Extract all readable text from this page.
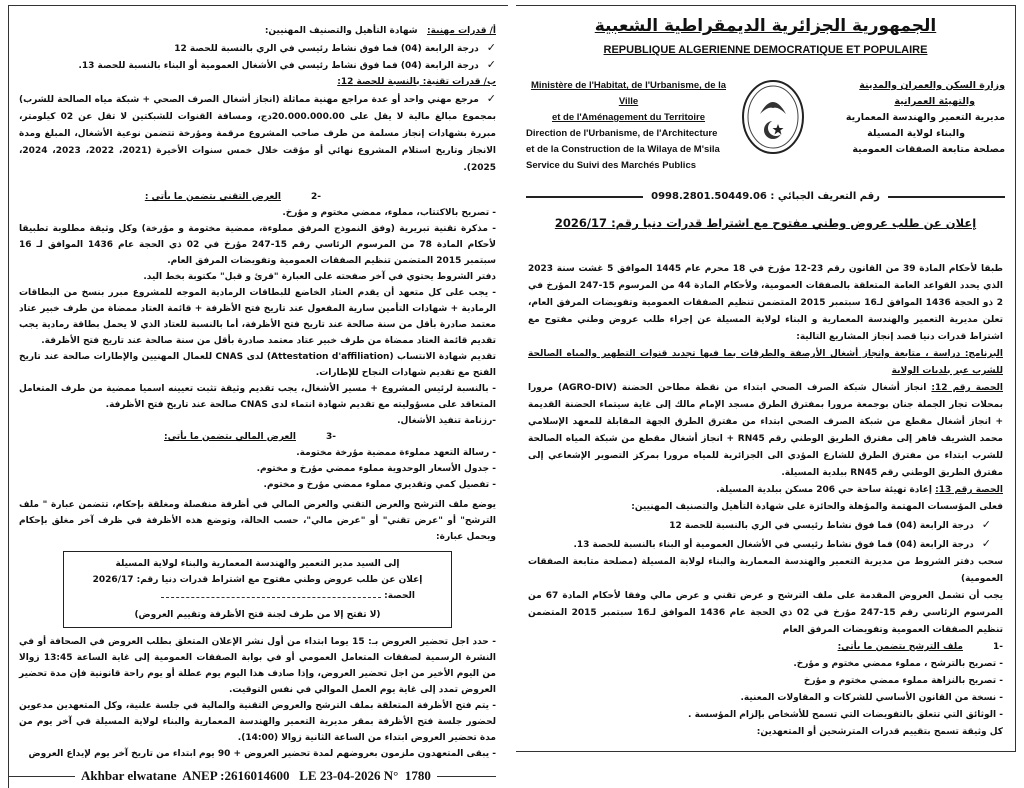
الجمهورية الجزائرية الديمقراطية الشعبية
REPUBLIQUE ALGERIENNE DEMOCRATIQUE ET POPULAIRE
Ministère de l'Habitat, de l'Urbanisme, de la Ville
et de l'Aménagement du Territoire
Direction de l'Urbanisme, de l'Architecture
et de la Construction de la Wilaya de M'sila
Service du Suivi des Marchés Publics
وزارة السكن والعمران والمدينة
والتهيئة العمرانية
مديرية التعمير والهندسة المعمارية
والبناء لولاية المسيلة
مصلحة متابعة الصفقات العمومية
رقم التعريف الجبائي : 0998.2801.50449.06
إعلان عن طلب عروض وطني مفتوح مع اشتراط قدرات دنيا رقم: 2026/17

طبقا لأحكام المادة 39 من القانون رقم 23-12 مؤرخ في 18 محرم عام 1445 الموافق 5 غشت سنة 2023 الذي يحدد القواعد العامة المتعلقة بالصفقات العمومية، ولأحكام المادة 44 من المرسوم 15-247 المؤرخ في 2 ذو الحجة 1436 الموافق لـ16 سبتمبر 2015 المتضمن تنظيم الصفقات العمومية وتفويضات المرفق العام، تعلن مديرية التعمير والهندسة المعمارية و البناء لولاية المسيلة عن إجراء طلب عروض وطني مفتوح مع اشتراط قدرات دنيا قصد إنجاز المشاريع التالية:

البرنامج: دراسة ، متابعة وانجاز أشغال الأرصفة والطرقات بما فيها تجديد قنوات التطهير والمياه الصالحة للشرب عبر بلديات الولاية

الحصة رقم 12: انجاز أشغال شبكة الصرف الصحي ابتداء من نقطة مطاحن الحضنة (AGRO-DIV) مرورا بمحلات تجار الجملة جنان بوجمعة مرورا بمفترق الطرق مسجد الإمام مالك إلى غاية سيتماء الحضنة القديمة + انجاز أشغال مقطع من شبكة الصرف الصحي ابتداء من مفترق الطرق الجهة المقابلة للمعهد الإسلامي محمد الشريف قاهر إلى مفترق الطريق الوطني رقم RN45 + انجاز أشغال مقطع من شبكة المياه الصالحة للشرب ابتداء من مفترق الطرق للشارع المؤدي الى الجزائرية للمياه مرورا بمركز التصوير الإشعاعي إلى مفترق الطريق الوطني رقم RN45 ببلدية المسيلة.

الحصة رقم 13: إعادة تهيئة ساحة حي 206 مسكن ببلدية المسيلة.

فعلى المؤسسات المهتمة والمؤهلة والحائزة على شهادة التأهيل والتصنيف المهنيين:

✓درجة الرابعة (04) فما فوق نشاط رئيسي في الري بالنسبة للحصة 12

✓درجة الرابعة (04) فما فوق نشاط رئيسي في الأشغال العمومية أو البناء بالنسبة للحصة 13.

سحب دفتر الشروط من مديرية التعمير والهندسة المعمارية والبناء لولاية المسيلة (مصلحة متابعة الصفقات العمومية)

يجب أن تشمل العروض المقدمة على ملف الترشح و عرض تقني و عرض مالي وفقا لأحكام المادة 67 من المرسوم الرئاسي رقم 15-247 مؤرخ في 02 ذي الحجة عام 1436 الموافق لـ16 سبتمبر 2015 المتضمن تنظيم الصفقات العمومية وتفويضات المرفق العام

-1ملف الترشح يتضمن ما يأتي:

- تصريح بالترشح ، مملوء ممضي مختوم و مؤرخ.

- تصريح بالنزاهة مملوء ممضي مختوم و مؤرخ

- نسخة من القانون الأساسي للشركات و المقاولات المعنية.

- الوثائق التي تتعلق بالتفويضات التي تسمح للأشخاص بإلزام المؤسسة .

كل وثيقة تسمح بتقييم قدرات المترشحين أو المتعهدين:

أ/ قدرات مهنية:   شهادة التأهيل والتصنيف المهنيين:

✓درجة الرابعة (04) فما فوق نشاط رئيسي في الري بالنسبة للحصة 12

✓درجة الرابعة (04) فما فوق نشاط رئيسي في الأشغال العمومية أو البناء بالنسبة للحصة 13.

ب/ قدرات تقنية: بالنسبة للحصة 12:

✓مرجع مهني واحد أو عدة مراجع مهنية مماثلة (انجاز أشغال الصرف الصحي + شبكة مياه الصالحة للشرب) بمجموع مبالغ مالية لا يقل على 20.000.000.00دج، ومسافة القنوات للشبكتين لا تقل عن 02 كيلومتر، مبررة بشهادات إنجاز مسلمة من طرف صاحب المشروع مرقمة ومؤرخة تتضمن نوعية الأشغال، المبلغ ومدة الانجاز وتاريخ استلام المشروع نهائي أو مؤقت خلال خمس سنوات الأخيرة (2021، 2022، 2023، 2024، 2025).

-2العرض التقني يتضمن ما يأتي :

- تصريح بالاكتتاب، مملوء، ممضي مختوم و مؤرخ.

- مذكرة تقنية تبريرية (وفق النموذج المرفق مملوءة، ممضية مختومة و مؤرخة) وكل وثيقة مطلوبة تطبيقا لأحكام المادة 78 من المرسوم الرئاسي رقم 15-247 مؤرخ في 02 ذي الحجة عام 1436 الموافق لـ 16 سبتمبر 2015 المتضمن تنظيم الصفقات العمومية وتفويضات المرفق العام.

دفتر الشروط يحتوي في آخر صفحته على العبارة "قرئ و قبل" مكتوبة بخط اليد.

- يجب على كل متعهد أن يقدم العتاد الخاضع للبطاقات الرمادية الموجه للمشروع مبرر بنسخ من البطاقات الرمادية + شهادات التأمين سارية المفعول عند تاريخ فتح الأظرفة + قائمة العتاد ممضاة من طرف خبير عتاد معتمد صادرة بأقل من سنة صالحة عند تاريخ فتح الأظرفة، أما بالنسبة للعتاد الذي لا يحمل بطاقة رمادية يجب تقديم قائمة العتاد ممضاة من طرف خبير عتاد معتمد صادرة بأقل من سنة صالحة عند تاريخ فتح الأظرفة.

تقديم شهادة الانتساب (Attestation d'affiliation) لدى CNAS للعمال المهنيين والإطارات صالحة عند تاريخ الفتح مع تقديم شهادات النجاح للإطارات.

- بالنسبة لرئيس المشروع + مسير الأشغال، يجب تقديم وثيقة تثبت تعيينه اسميا ممضية من طرف المتعامل المتعاقد على مسؤوليته مع تقديم شهادة انتماء لدى CNAS صالحة عند تاريخ فتح الأظرفة.

-رزنامة تنفيذ الأشغال.

-3العرض المالي يتضمن ما يأتي:

- رسالة التعهد مملوءة ممضية مؤرخة مختومة.

- جدول الأسعار الوحدوية مملوء ممضي مؤرخ و مختوم.

- تفصيل كمي وتقديري مملوء ممضي مؤرخ و مختوم.

يوضع ملف الترشح والعرض التقني والعرض المالي في أظرفة منفصلة ومغلقة بإحكام، تتضمن عبارة " ملف الترشح" أو "عرض تقني" أو "عرض مالي"، حسب الحالة، وتوضع هذه الأظرفة في ظرف آخر مغلق بإحكام ويحمل عبارة:

إلى السيد مدير التعمير والهندسة المعمارية والبناء لولاية المسيلة
إعلان عن طلب عروض وطني مفتوح مع اشتراط قدرات دنيا رقم: 2026/17
الحصة:
(لا تفتح إلا من طرف لجنة فتح الأظرفة وتقييم العروض)

- حدد اجل تحضير العروض بـ: 15 يوما ابتداء من أول نشر الإعلان المتعلق بطلب العروض في الصحافة أو في النشرة الرسمية لصفقات المتعامل العمومي أو في بوابة الصفقات العمومية إلى غاية الساعة 13:45 زوالا من اليوم الأخير من اجل تحضير العروض، وإذا صادف هذا اليوم يوم عطلة أو يوم راحة قانونية فإن مدة تحضير العروض تمدد إلى غاية يوم العمل الموالي في نفس التوقيت.

- يتم فتح الأظرفة المتعلقة بملف الترشح والعروض التقنية والمالية في جلسة علنية، وكل المتعهدين مدعوين لحضور جلسة فتح الأظرفة بمقر مديرية التعمير والهندسة المعمارية والبناء لولاية المسيلة في آخر يوم من مدة تحضير العروض ابتداء من الساعة الثانية زوالا (14:00).

- يبقى المتعهدون ملزمون بعروضهم لمدة تحضير العروض + 90 يوم ابتداء من تاريخ آخر يوم لإيداع العروض

Akhbar elwatane  ANEP :2616014600   LE 23-04-2026 N°  1780
